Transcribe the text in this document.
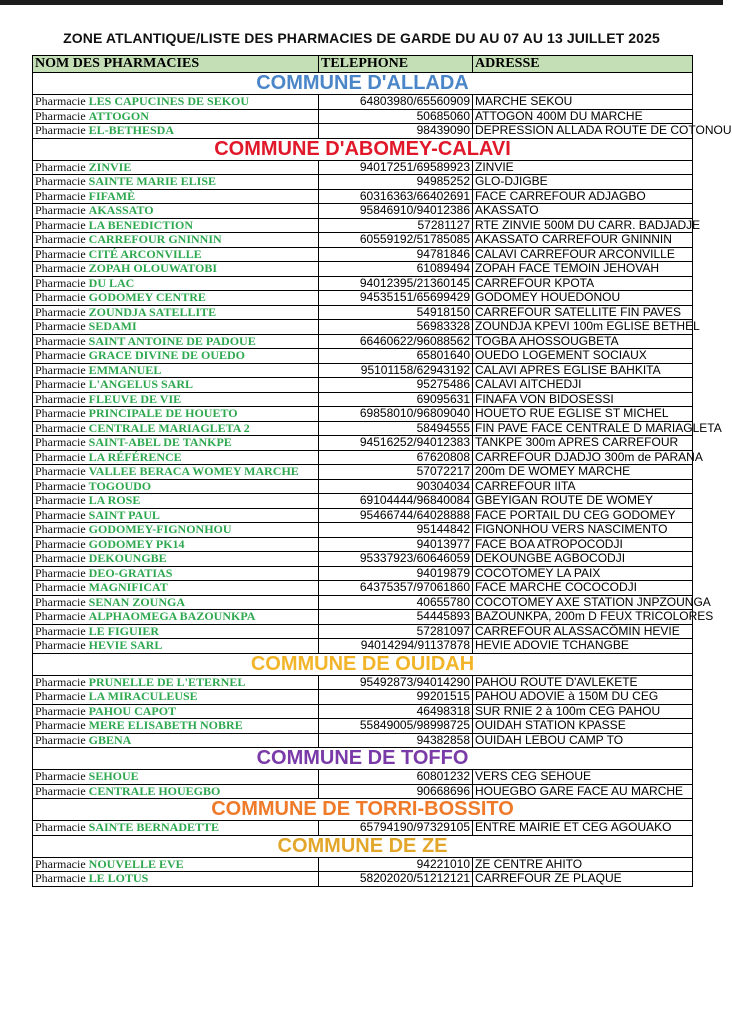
ZONE ATLANTIQUE/LISTE DES PHARMACIES DE GARDE DU AU 07 AU 13 JUILLET 2025
NOM DES PHARMACIES	TELEPHONE	ADRESSE
COMMUNE D'ALLADA		
Pharmacie LES CAPUCINES DE SEKOU	64803980/65560909	MARCHE SEKOU
Pharmacie ATTOGON	50685060	ATTOGON 400M DU MARCHE
Pharmacie EL-BETHESDA	98439090	DEPRESSION ALLADA ROUTE DE COTONOU
COMMUNE D'ABOMEY-CALAVI		
Pharmacie ZINVIE	94017251/69589923	ZINVIE
Pharmacie SAINTE MARIE ELISE	94985252	GLO-DJIGBE
Pharmacie FIFAMÈ	60316363/66402691	FACE CARREFOUR ADJAGBO
Pharmacie AKASSATO	95846910/94012386	AKASSATO
Pharmacie LA BENEDICTION	57281127	RTE ZINVIE 500M DU CARR. BADJADJE
Pharmacie CARREFOUR GNINNIN	60559192/51785085	AKASSATO CARREFOUR GNINNIN
Pharmacie CITÉ ARCONVILLE	94781846	CALAVI CARREFOUR ARCONVILLE
Pharmacie ZOPAH OLOUWATOBI	61089494	ZOPAH FACE TEMOIN JEHOVAH
Pharmacie DU LAC	94012395/21360145	CARREFOUR KPOTA
Pharmacie GODOMEY CENTRE	94535151/65699429	GODOMEY HOUEDONOU
Pharmacie ZOUNDJA SATELLITE	54918150	CARREFOUR SATELLITE FIN PAVES
Pharmacie SEDAMI	56983328	ZOUNDJA KPEVI 100m EGLISE BETHEL
Pharmacie SAINT ANTOINE DE PADOUE	66460622/96088562	TOGBA AHOSSOUGBETA
Pharmacie GRACE DIVINE DE OUEDO	65801640	OUEDO LOGEMENT SOCIAUX
Pharmacie EMMANUEL	95101158/62943192	CALAVI APRES EGLISE BAHKITA
Pharmacie L'ANGELUS SARL	95275486	CALAVI AITCHEDJI
Pharmacie FLEUVE DE VIE	69095631	FINAFA VON BIDOSESSI
Pharmacie PRINCIPALE DE HOUETO	69858010/96809040	HOUETO RUE EGLISE ST MICHEL
Pharmacie CENTRALE MARIAGLETA 2	58494555	FIN PAVE FACE CENTRALE D MARIAGLETA
Pharmacie SAINT-ABEL DE TANKPE	94516252/94012383	TANKPE 300m APRES CARREFOUR
Pharmacie LA RÉFÉRENCE	67620808	CARREFOUR DJADJO 300m de PARANA
Pharmacie VALLEE BERACA WOMEY MARCHE	57072217	200m DE WOMEY MARCHE
Pharmacie TOGOUDO	90304034	CARREFOUR IITA
Pharmacie LA ROSE	69104444/96840084	GBEYIGAN ROUTE DE WOMEY
Pharmacie SAINT PAUL	95466744/64028888	FACE PORTAIL DU CEG GODOMEY
Pharmacie GODOMEY-FIGNONHOU	95144842	FIGNONHOU VERS NASCIMENTO
Pharmacie GODOMEY PK14	94013977	FACE BOA ATROPOCODJI
Pharmacie DEKOUNGBE	95337923/60646059	DEKOUNGBE AGBOCODJI
Pharmacie DEO-GRATIAS	94019879	COCOTOMEY LA PAIX
Pharmacie MAGNIFICAT	64375357/97061860	FACE MARCHE COCOCODJI
Pharmacie SENAN ZOUNGA	40655780	COCOTOMEY AXE STATION JNPZOUNGA
Pharmacie ALPHAOMEGA BAZOUNKPA	54445893	BAZOUNKPA, 200m D FEUX TRICOLORES
Pharmacie LE FIGUIER	57281097	CARREFOUR ALASSACÔMIN HEVIE
Pharmacie HEVIE SARL	94014294/91137878	HEVIE ADOVIE TCHANGBE
COMMUNE DE OUIDAH		
Pharmacie PRUNELLE DE L'ETERNEL	95492873/94014290	PAHOU ROUTE D'AVLEKETE
Pharmacie LA MIRACULEUSE	99201515	PAHOU ADOVIE à 150M DU CEG
Pharmacie PAHOU CAPOT	46498318	SUR RNIE 2 à 100m CEG PAHOU
Pharmacie MERE ELISABETH NOBRE	55849005/98998725	OUIDAH STATION KPASSE
Pharmacie GBENA	94382858	OUIDAH LEBOU CAMP TO
COMMUNE DE TOFFO		
Pharmacie SEHOUE	60801232	VERS CEG SEHOUE
Pharmacie CENTRALE HOUEGBO	90668696	HOUEGBO GARE FACE AU MARCHE
COMMUNE DE TORRI-BOSSITO		
Pharmacie SAINTE BERNADETTE	65794190/97329105	ENTRE MAIRIE ET CEG AGOUAKO
COMMUNE DE ZE		
Pharmacie NOUVELLE EVE	94221010	ZE CENTRE AHITO
Pharmacie LE LOTUS	58202020/51212121	CARREFOUR ZE PLAQUE
